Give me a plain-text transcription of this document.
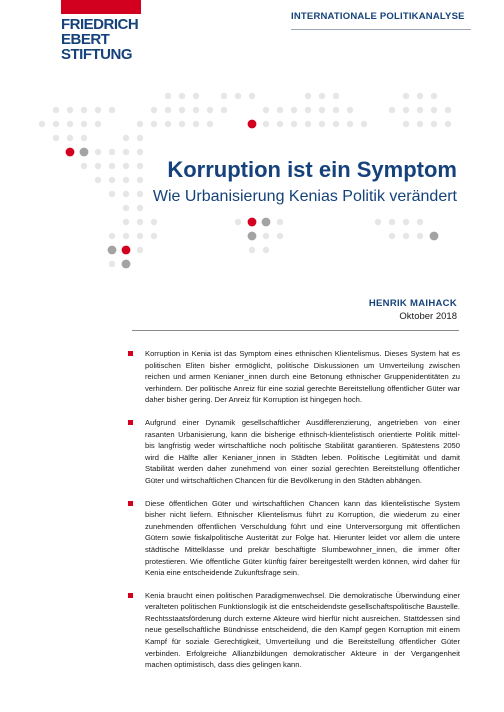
FRIEDRICH
EBERT
STIFTUNG
INTERNATIONALE POLITIKANALYSE
Korruption ist ein Symptom
Wie Urbanisierung Kenias Politik verändert
HENRIK MAIHACK
Oktober 2018
Korruption in Kenia ist das Symptom eines ethnischen Klientelismus. Dieses System hat es politischen Eliten bisher ermöglicht, politische Diskussionen um Umverteilung zwischen reichen und armen Kenianer_innen durch eine Betonung ethnischer Gruppenidentitäten zu verhindern. Der politische Anreiz für eine sozial gerechte Bereitstellung öffentlicher Güter war daher bisher gering. Der Anreiz für Korruption ist hingegen hoch.
Aufgrund einer Dynamik gesellschaftlicher Ausdifferenzierung, angetrieben von einer rasanten Urbanisierung, kann die bisherige ethnisch-klientelistisch orientierte Politik mittel- bis langfristig weder wirtschaftliche noch politische Stabilität garantieren. Spätestens 2050 wird die Hälfte aller Kenianer_innen in Städten leben. Politische Legitimität und damit Stabilität werden daher zunehmend von einer sozial gerechten Bereitstellung öffentlicher Güter und wirtschaftlichen Chancen für die Bevölkerung in den Städten abhängen.
Diese öffentlichen Güter und wirtschaftlichen Chancen kann das klientelistische System bisher nicht liefern. Ethnischer Klientelismus führt zu Korruption, die wiederum zu einer zunehmenden öffentlichen Verschuldung führt und eine Unterversorgung mit öffentlichen Gütern sowie fiskalpolitische Austerität zur Folge hat. Hierunter leidet vor allem die untere städtische Mittelklasse und prekär beschäftigte Slumbewohner_innen, die immer öfter protestieren. Wie öffentliche Güter künftig fairer bereitgestellt werden können, wird daher für Kenia eine entscheidende Zukunftsfrage sein.
Kenia braucht einen politischen Paradigmenwechsel. Die demokratische Überwindung einer veralteten politischen Funktionslogik ist die entscheidendste gesellschaftspolitische Baustelle. Rechtsstaatsförderung durch externe Akteure wird hierfür nicht ausreichen. Stattdessen sind neue gesellschaftliche Bündnisse entscheidend, die den Kampf gegen Korruption mit einem Kampf für soziale Gerechtigkeit, Umverteilung und die Bereitstellung öffentlicher Güter verbinden. Erfolgreiche Allianzbildungen demokratischer Akteure in der Vergangenheit machen optimistisch, dass dies gelingen kann.
